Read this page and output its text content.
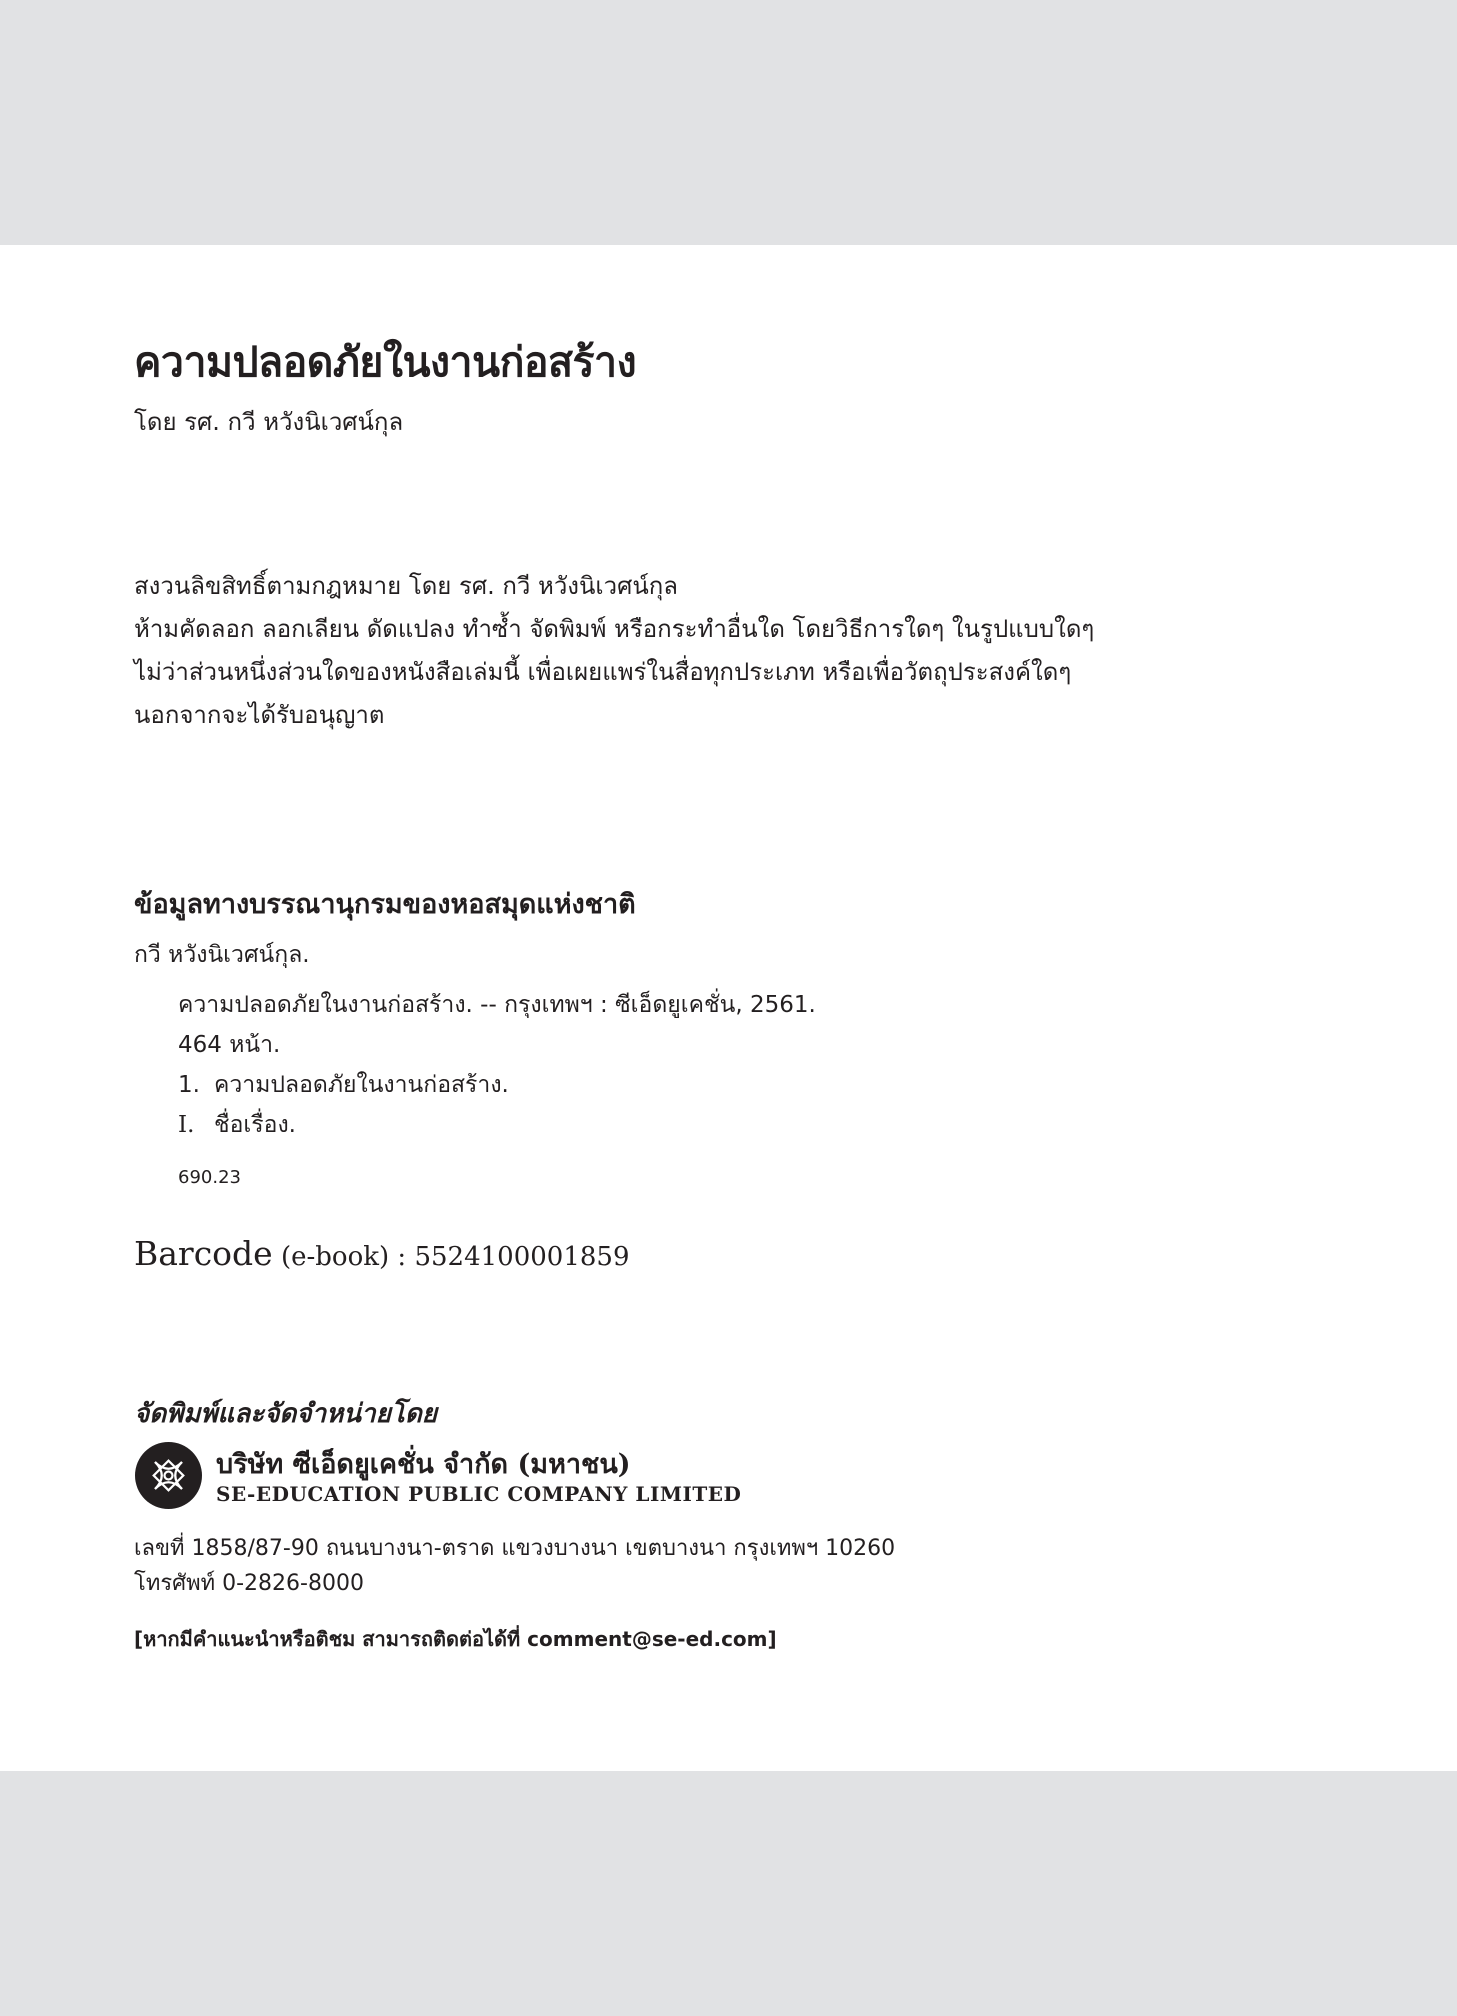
ความปลอดภัยในงานก่อสร้าง
โดย รศ. กวี หวังนิเวศน์กุล
สงวนลิขสิทธิ์ตามกฎหมาย โดย รศ. กวี หวังนิเวศน์กุล
ห้ามคัดลอก ลอกเลียน ดัดแปลง ทำซ้ำ จัดพิมพ์ หรือกระทำอื่นใด โดยวิธีการใดๆ ในรูปแบบใดๆ
ไม่ว่าส่วนหนึ่งส่วนใดของหนังสือเล่มนี้ เพื่อเผยแพร่ในสื่อทุกประเภท หรือเพื่อวัตถุประสงค์ใดๆ
นอกจากจะได้รับอนุญาต
ข้อมูลทางบรรณานุกรมของหอสมุดแห่งชาติ
กวี หวังนิเวศน์กุล.
ความปลอดภัยในงานก่อสร้าง. -- กรุงเทพฯ : ซีเอ็ดยูเคชั่น, 2561.
464 หน้า.
1. ความปลอดภัยในงานก่อสร้าง.
I. ชื่อเรื่อง.
690.23
Barcode (e-book) : 5524100001859
จัดพิมพ์และจัดจำหน่ายโดย
บริษัท ซีเอ็ดยูเคชั่น จำกัด (มหาชน)
SE-EDUCATION PUBLIC COMPANY LIMITED
เลขที่ 1858/87-90 ถนนบางนา-ตราด แขวงบางนา เขตบางนา กรุงเทพฯ 10260
โทรศัพท์ 0-2826-8000
[หากมีคำแนะนำหรือติชม สามารถติดต่อได้ที่ comment@se-ed.com]
